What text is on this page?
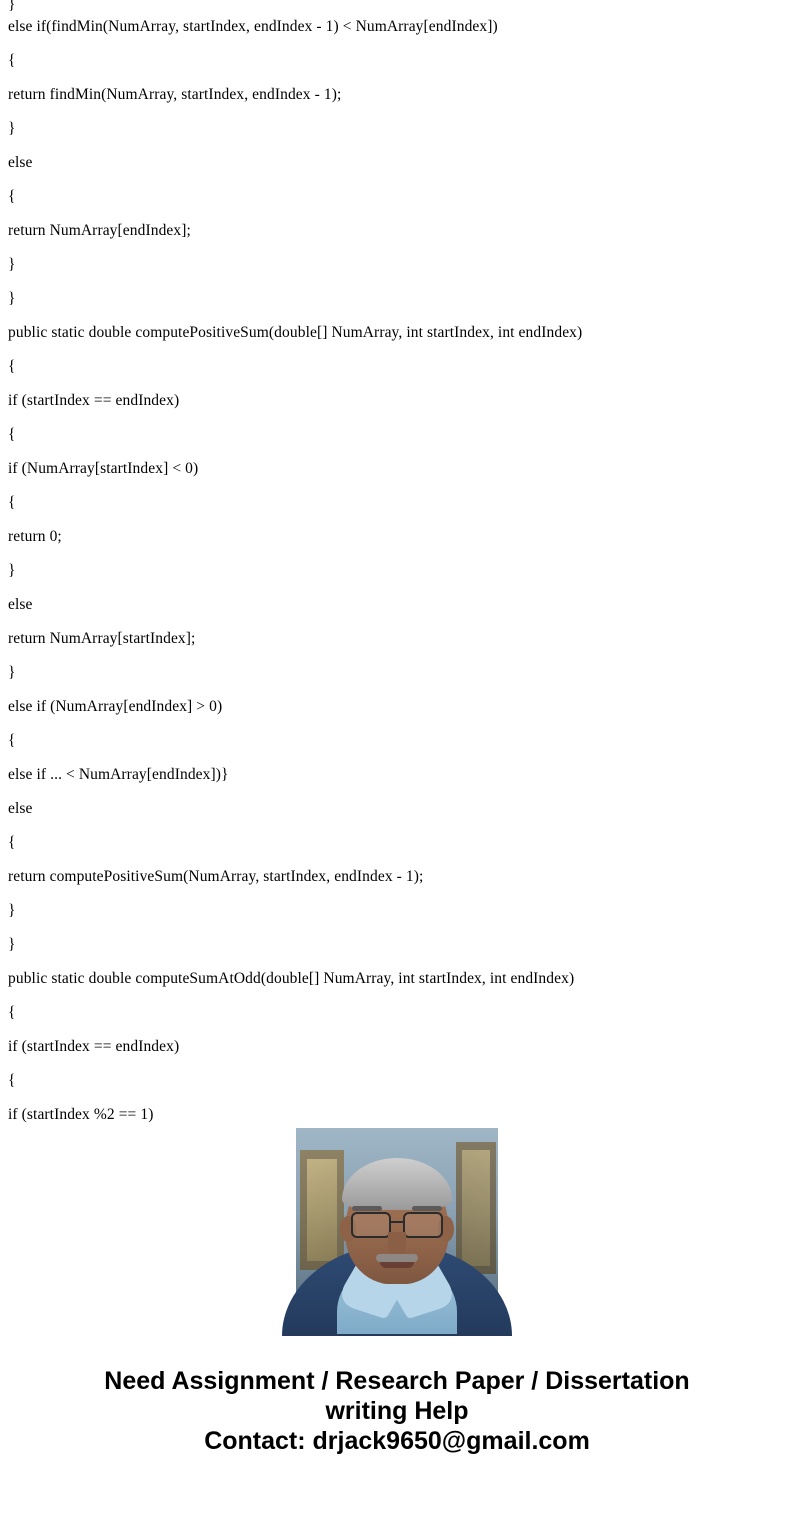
}
else if(findMin(NumArray, startIndex, endIndex - 1) < NumArray[endIndex])
{
return findMin(NumArray, startIndex, endIndex - 1);
}
else
{
return NumArray[endIndex];
}
}
public static double computePositiveSum(double[] NumArray, int startIndex, int endIndex)
{
if (startIndex == endIndex)
{
if (NumArray[startIndex] < 0)
{
return 0;
}
else
return NumArray[startIndex];
}
else if (NumArray[endIndex] > 0)
{
else if ... < NumArray[endIndex])}
else
{
return computePositiveSum(NumArray, startIndex, endIndex - 1);
}
}
public static double computeSumAtOdd(double[] NumArray, int startIndex, int endIndex)
{
if (startIndex == endIndex)
{
if (startIndex %2 == 1)
Need Assignment / Research Paper / Dissertation
writing Help
Contact: drjack9650@gmail.com
